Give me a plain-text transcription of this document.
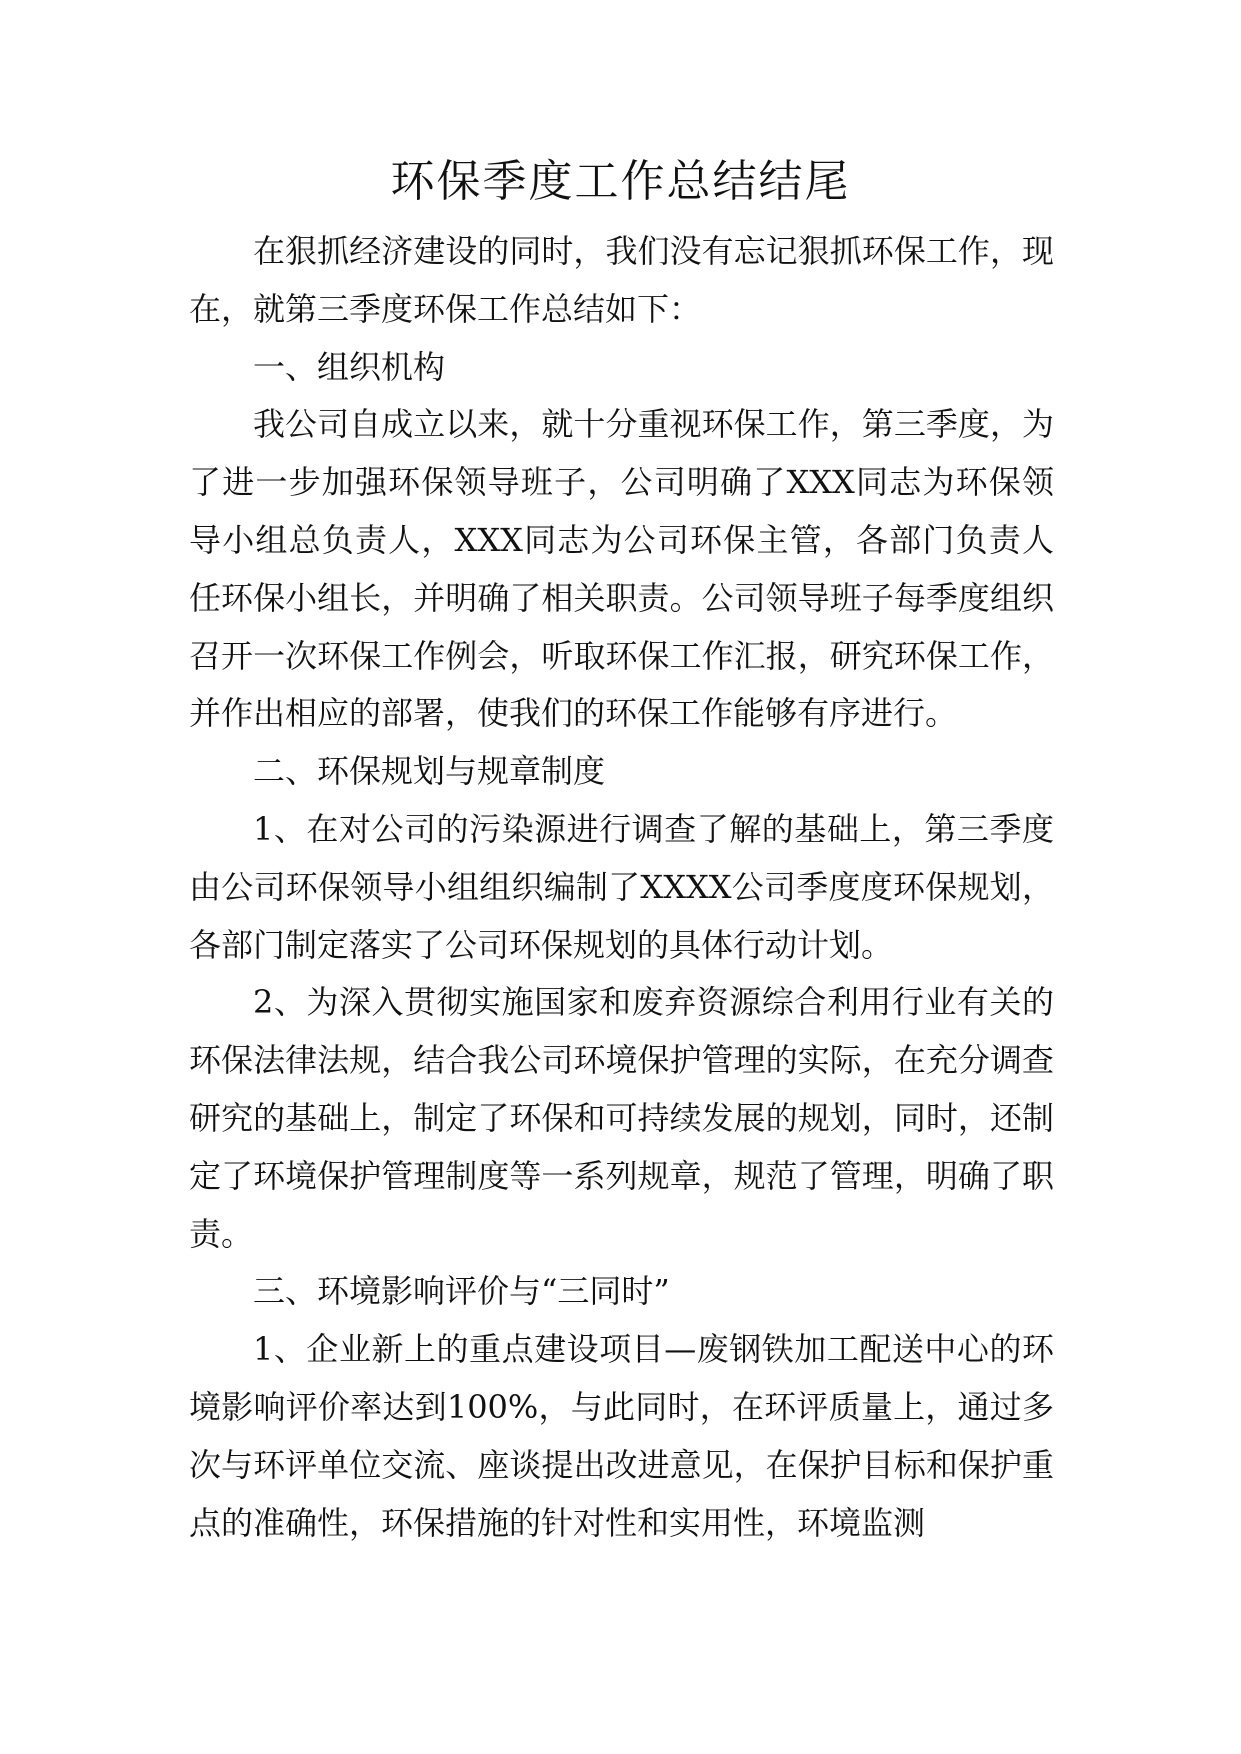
环保季度工作总结结尾

在狠抓经济建设的同时，我们没有忘记狠抓环保工作，现在，就第三季度环保工作总结如下：

一、组织机构

我公司自成立以来，就十分重视环保工作，第三季度，为了进一步加强环保领导班子，公司明确了XXX同志为环保领导小组总负责人，XXX同志为公司环保主管，各部门负责人任环保小组长，并明确了相关职责。公司领导班子每季度组织召开一次环保工作例会，听取环保工作汇报，研究环保工作，并作出相应的部署，使我们的环保工作能够有序进行。

二、环保规划与规章制度

1、在对公司的污染源进行调查了解的基础上，第三季度由公司环保领导小组组织编制了XXXX公司季度度环保规划，各部门制定落实了公司环保规划的具体行动计划。

2、为深入贯彻实施国家和废弃资源综合利用行业有关的环保法律法规，结合我公司环境保护管理的实际，在充分调查研究的基础上，制定了环保和可持续发展的规划，同时，还制定了环境保护管理制度等一系列规章，规范了管理，明确了职责。

三、环境影响评价与“三同时”

1、企业新上的重点建设项目—废钢铁加工配送中心的环境影响评价率达到100%，与此同时，在环评质量上，通过多次与环评单位交流、座谈提出改进意见，在保护目标和保护重点的准确性，环保措施的针对性和实用性，环境监测
